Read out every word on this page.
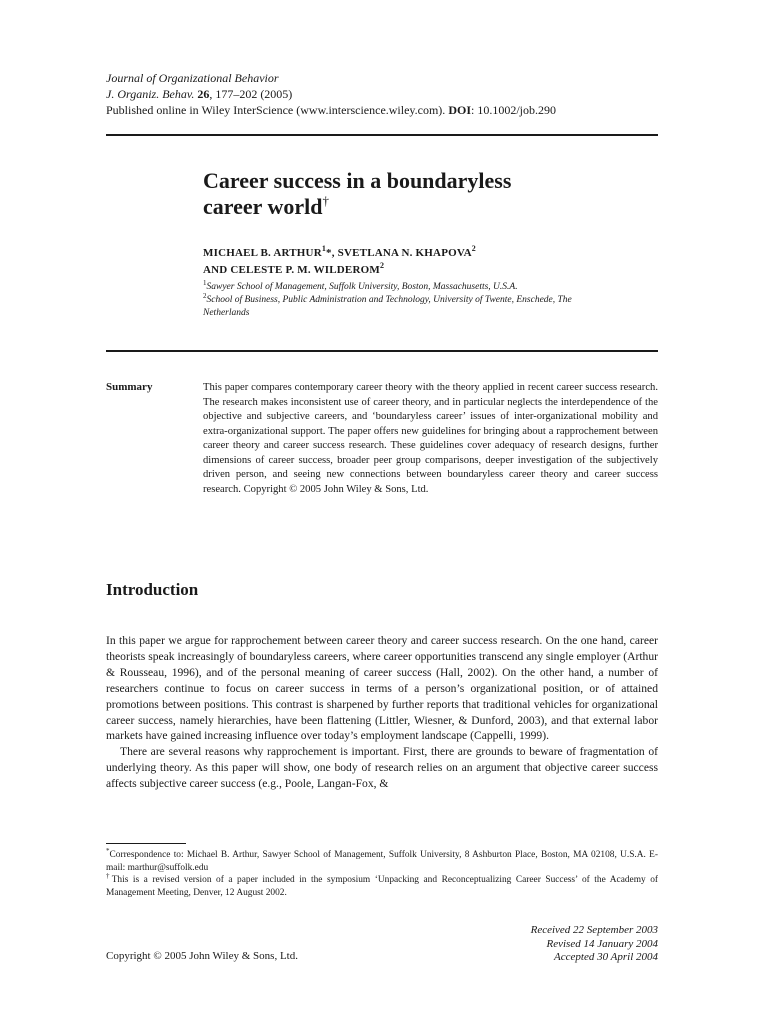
Journal of Organizational Behavior
J. Organiz. Behav. 26, 177–202 (2005)
Published online in Wiley InterScience (www.interscience.wiley.com). DOI: 10.1002/job.290
Career success in a boundaryless
career world†
MICHAEL B. ARTHUR$^1$*, SVETLANA N. KHAPOVA$^2$
AND CELESTE P. M. WILDEROM$^2$
$^1$Sawyer School of Management, Suffolk University, Boston, Massachusetts, U.S.A.
$^2$School of Business, Public Administration and Technology, University of Twente, Enschede, The Netherlands
Summary	This paper compares contemporary career theory with the theory applied in recent career success research. The research makes inconsistent use of career theory, and in particular neglects the interdependence of the objective and subjective careers, and ‘boundaryless career’ issues of inter-organizational mobility and extra-organizational support. The paper offers new guidelines for bringing about a rapprochement between career theory and career success research. These guidelines cover adequacy of research designs, further dimensions of career success, broader peer group comparisons, deeper investigation of the subjectively driven person, and seeing new connections between boundaryless career theory and career success research. Copyright © 2005 John Wiley & Sons, Ltd.
Introduction

In this paper we argue for rapprochement between career theory and career success research. On the one hand, career theorists speak increasingly of boundaryless careers, where career opportunities transcend any single employer (Arthur & Rousseau, 1996), and of the personal meaning of career success (Hall, 2002). On the other hand, a number of researchers continue to focus on career success in terms of a person’s organizational position, or of attained promotions between positions. This contrast is sharpened by further reports that traditional vehicles for organizational career success, namely hierarchies, have been flattening (Littler, Wiesner, & Dunford, 2003), and that external labor markets have gained increasing influence over today’s employment landscape (Cappelli, 1999).

There are several reasons why rapprochement is important. First, there are grounds to beware of fragmentation of underlying theory. As this paper will show, one body of research relies on an argument that objective career success affects subjective career success (e.g., Poole, Langan-Fox, &

*Correspondence to: Michael B. Arthur, Sawyer School of Management, Suffolk University, 8 Ashburton Place, Boston, MA 02108, U.S.A. E-mail: marthur@suffolk.edu

†This is a revised version of a paper included in the symposium ‘Unpacking and Reconceptualizing Career Success’ of the Academy of Management Meeting, Denver, 12 August 2002.

Received 22 September 2003
Revised 14 January 2004
Accepted 30 April 2004
Copyright © 2005 John Wiley & Sons, Ltd.
